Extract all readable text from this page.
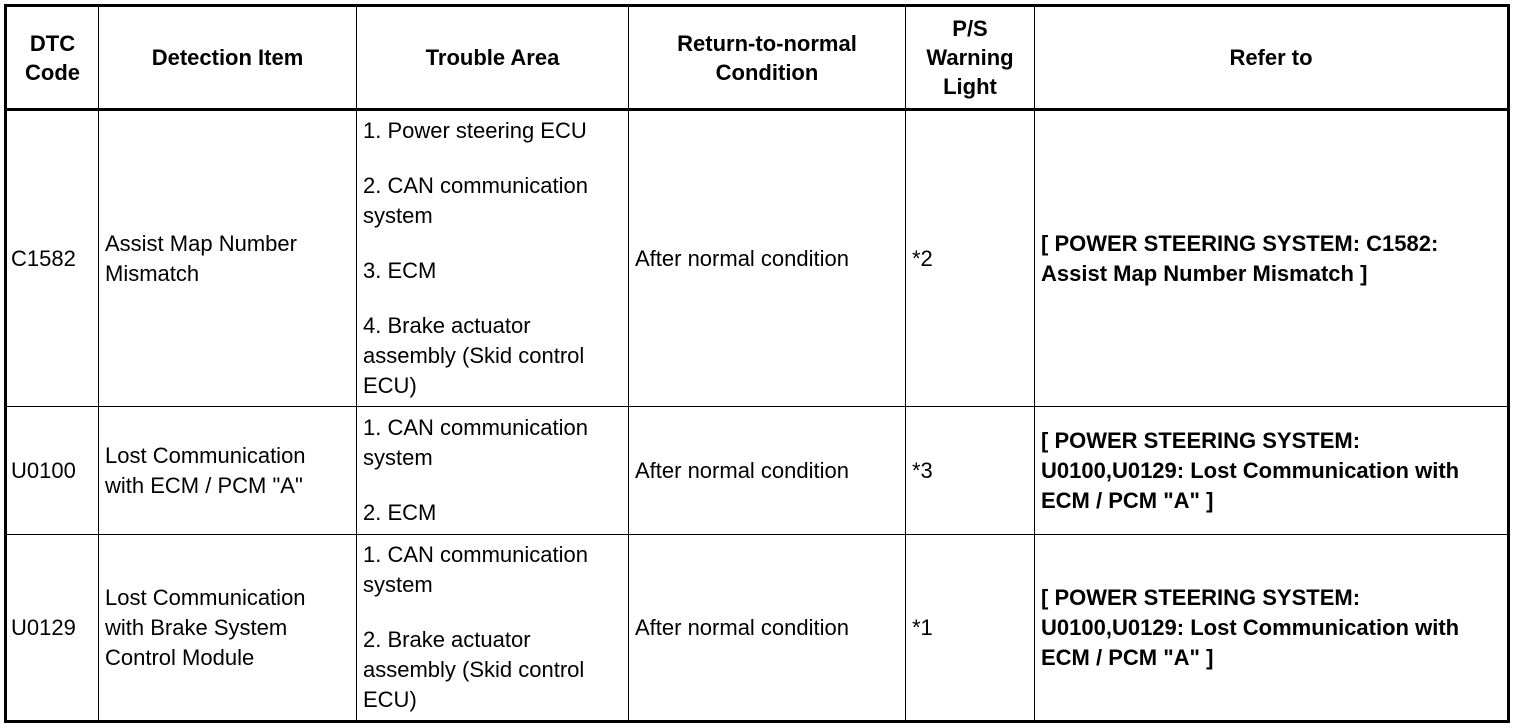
DTC Code	Detection Item	Trouble Area	Return-to-normal Condition	P/S Warning Light	Refer to
C1582	Assist Map Number Mismatch	1. Power steering ECU
2. CAN communication system
3. ECM
4. Brake actuator assembly (Skid control ECU)	After normal condition	*2	[ POWER STEERING SYSTEM: C1582: Assist Map Number Mismatch ]
U0100	Lost Communication with ECM / PCM "A"	1. CAN communication system
2. ECM	After normal condition	*3	[ POWER STEERING SYSTEM: U0100,U0129: Lost Communication with ECM / PCM "A" ]
U0129	Lost Communication with Brake System Control Module	1. CAN communication system
2. Brake actuator assembly (Skid control ECU)	After normal condition	*1	[ POWER STEERING SYSTEM: U0100,U0129: Lost Communication with ECM / PCM "A" ]
